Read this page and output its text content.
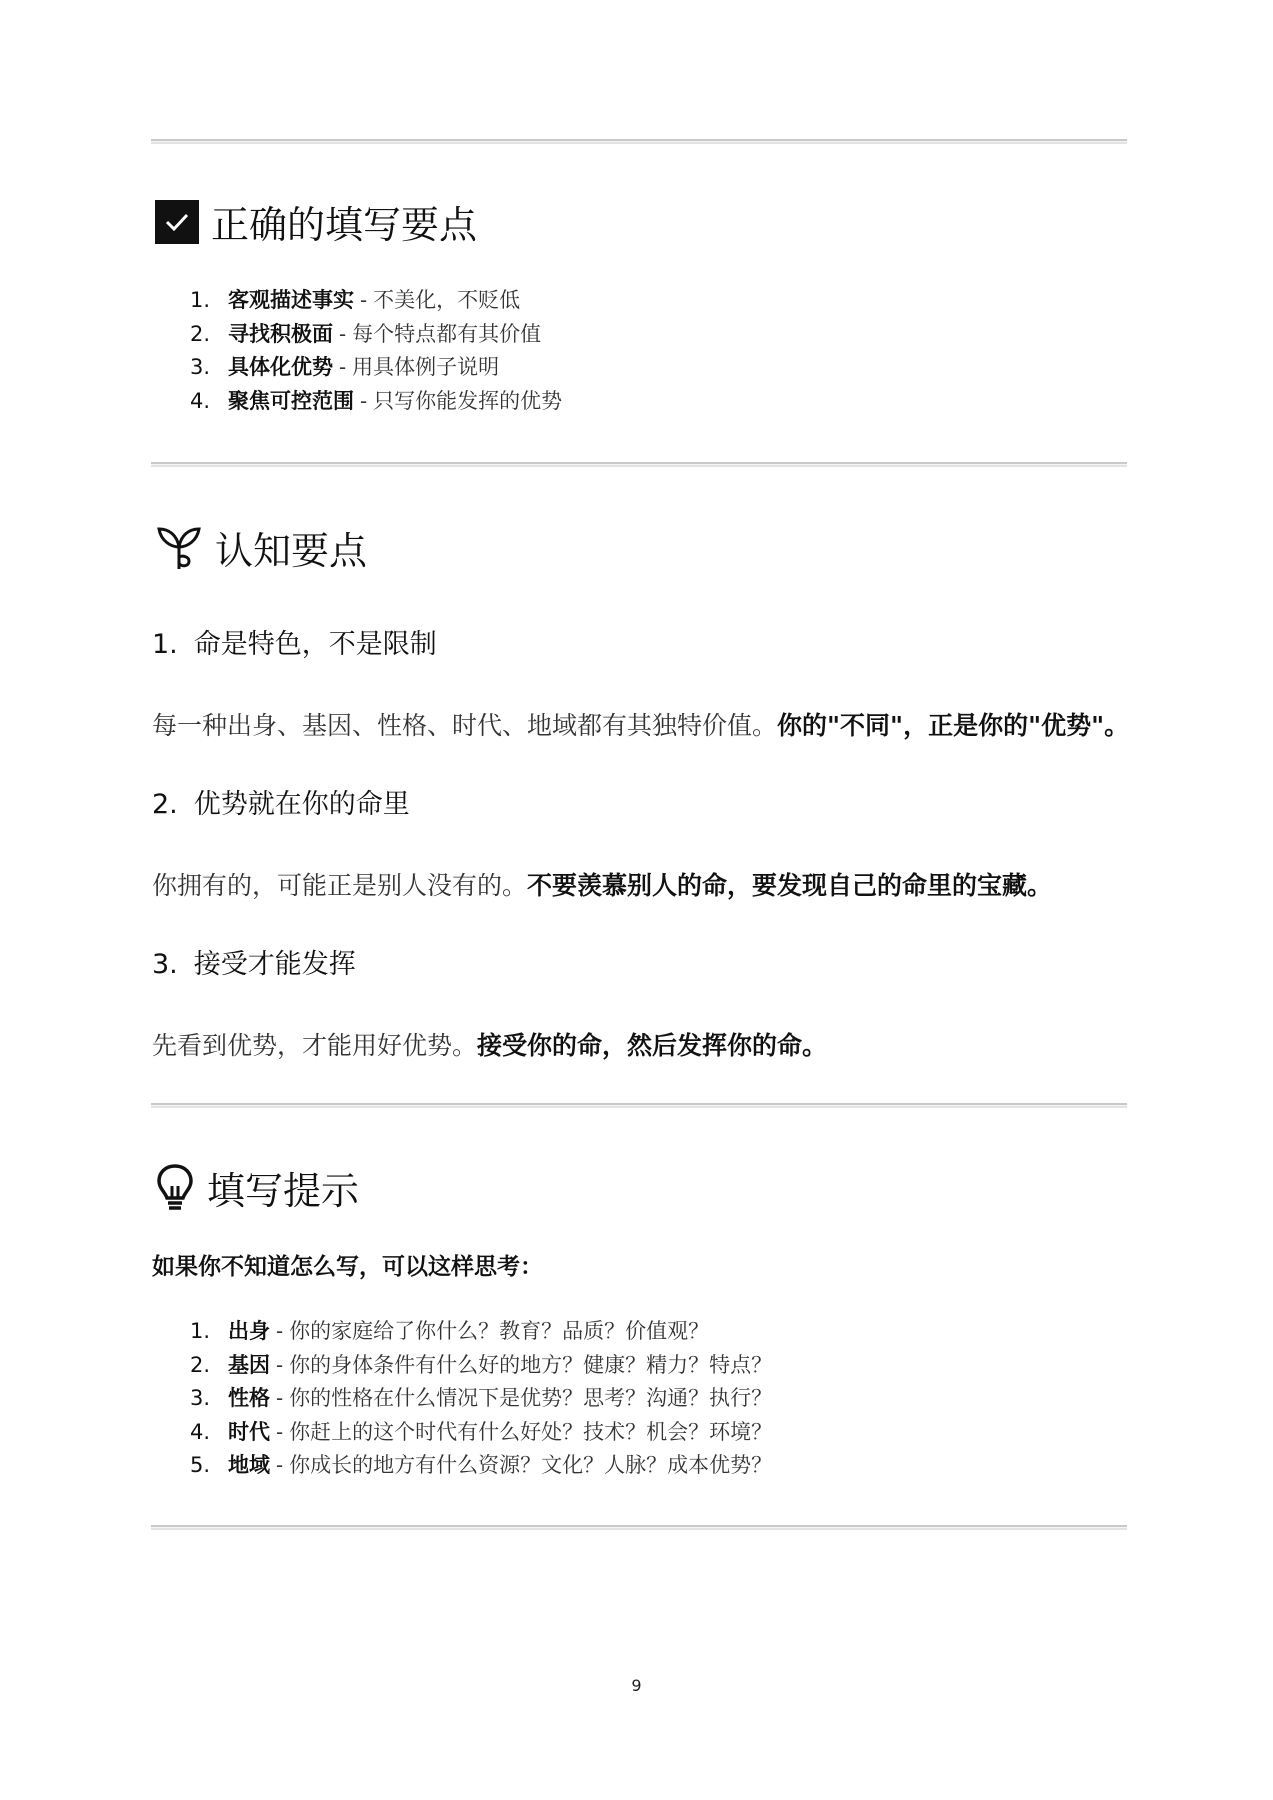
正确的填写要点
1. 客观描述事实 - 不美化，不贬低
2. 寻找积极面 - 每个特点都有其价值
3. 具体化优势 - 用具体例子说明
4. 聚焦可控范围 - 只写你能发挥的优势
认知要点
1. 命是特色，不是限制
每一种出身、基因、性格、时代、地域都有其独特价值。你的"不同"，正是你的"优势"。
2. 优势就在你的命里
你拥有的，可能正是别人没有的。不要羡慕别人的命，要发现自己的命里的宝藏。
3. 接受才能发挥
先看到优势，才能用好优势。接受你的命，然后发挥你的命。
填写提示
如果你不知道怎么写，可以这样思考：
1. 出身 - 你的家庭给了你什么？教育？品质？价值观？
2. 基因 - 你的身体条件有什么好的地方？健康？精力？特点？
3. 性格 - 你的性格在什么情况下是优势？思考？沟通？执行？
4. 时代 - 你赶上的这个时代有什么好处？技术？机会？环境？
5. 地域 - 你成长的地方有什么资源？文化？人脉？成本优势？
9
